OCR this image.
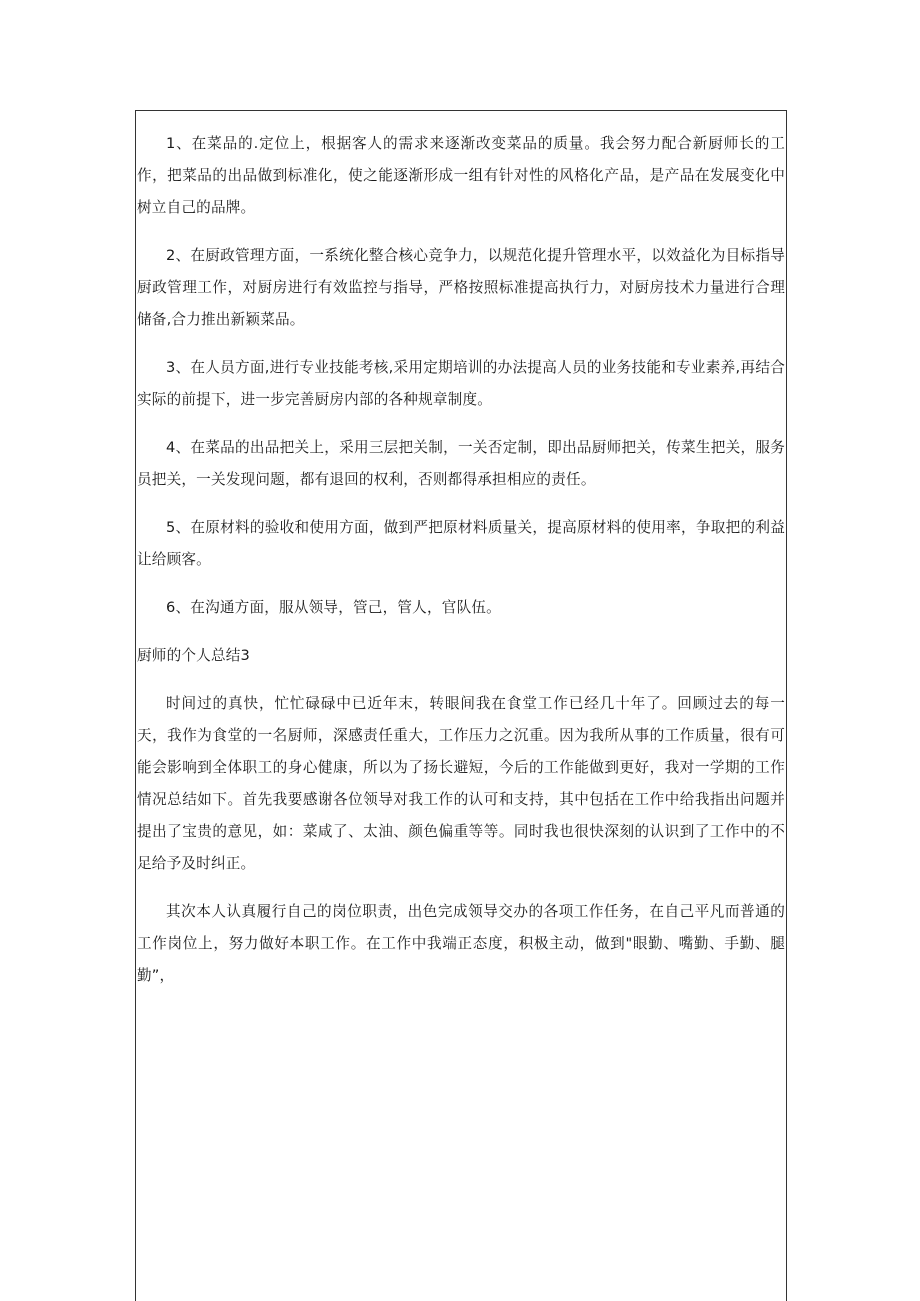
1、在菜品的.定位上，根据客人的需求来逐渐改变菜品的质量。我会努力配合新厨师长的工作，把菜品的出品做到标准化，使之能逐渐形成一组有针对性的风格化产品，是产品在发展变化中树立自己的品牌。

2、在厨政管理方面，一系统化整合核心竞争力，以规范化提升管理水平，以效益化为目标指导厨政管理工作，对厨房进行有效监控与指导，严格按照标准提高执行力，对厨房技术力量进行合理储备,合力推出新颖菜品。

3、在人员方面,进行专业技能考核,采用定期培训的办法提高人员的业务技能和专业素养,再结合实际的前提下，进一步完善厨房内部的各种规章制度。

4、在菜品的出品把关上，采用三层把关制，一关否定制，即出品厨师把关，传菜生把关，服务员把关，一关发现问题，都有退回的权利，否则都得承担相应的责任。

5、在原材料的验收和使用方面，做到严把原材料质量关，提高原材料的使用率，争取把的利益让给顾客。

6、在沟通方面，服从领导，管己，管人，官队伍。

厨师的个人总结3

时间过的真快，忙忙碌碌中已近年末，转眼间我在食堂工作已经几十年了。回顾过去的每一天，我作为食堂的一名厨师，深感责任重大，工作压力之沉重。因为我所从事的工作质量，很有可能会影响到全体职工的身心健康，所以为了扬长避短，今后的工作能做到更好，我对一学期的工作情况总结如下。首先我要感谢各位领导对我工作的认可和支持，其中包括在工作中给我指出问题并提出了宝贵的意见，如：菜咸了、太油、颜色偏重等等。同时我也很快深刻的认识到了工作中的不足给予及时纠正。

其次本人认真履行自己的岗位职责，出色完成领导交办的各项工作任务，在自己平凡而普通的工作岗位上，努力做好本职工作。在工作中我端正态度，积极主动，做到"眼勤、嘴勤、手勤、腿勤”，
